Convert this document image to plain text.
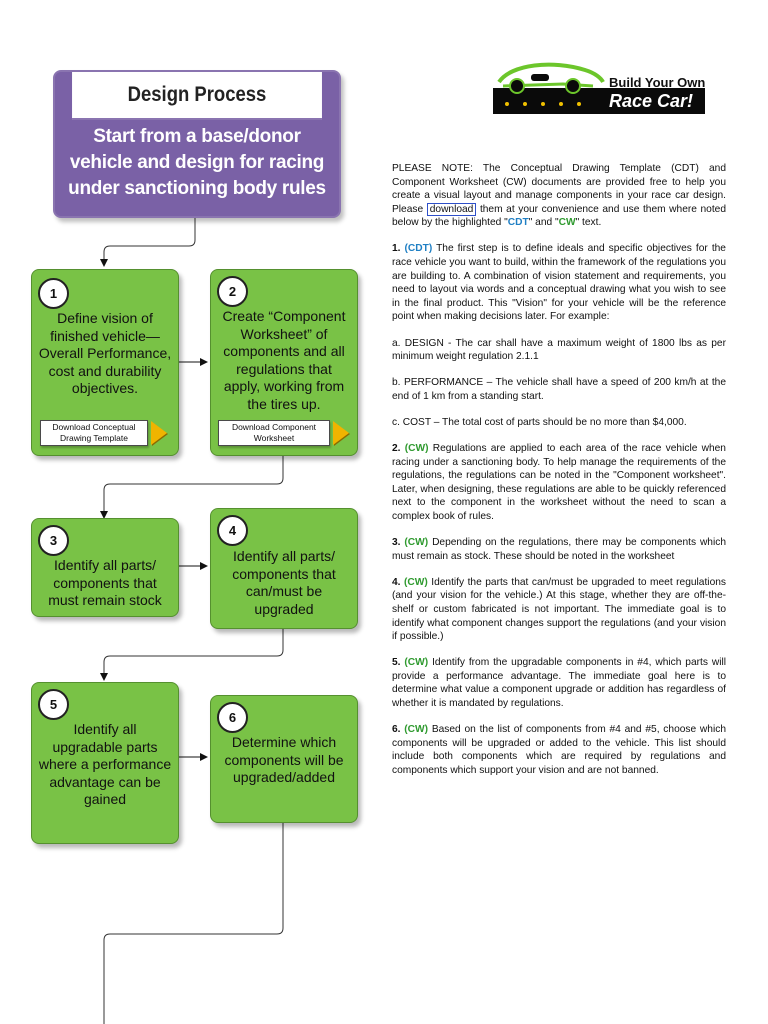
Design Process
Start from a base/donor vehicle and design for racing under sanctioning body rules
1
Define vision of finished vehicle—Overall Performance, cost and durability objectives.
Download Conceptual Drawing Template
2
Create “Component Worksheet” of components and all regulations that apply, working from the tires up.
Download Component Worksheet
3
Identify all parts/ components that must remain stock
4
Identify all parts/ components that can/must be upgraded
5
Identify all upgradable parts where a performance advantage can be gained
6
Determine which components will be upgraded/added
Build Your Own
Race Car!

PLEASE NOTE: The Conceptual Drawing Template (CDT) and Component Worksheet (CW) documents are provided free to help you create a visual layout and manage components in your race car design. Please download them at your convenience and use them where noted below by the highlighted "CDT" and "CW" text.

1. (CDT) The first step is to define ideals and specific objectives for the race vehicle you want to build, within the framework of the regulations you are building to. A combination of vision statement and requirements, you need to layout via words and a conceptual drawing what you wish to see in the final product. This "Vision" for your vehicle will be the reference point when making decisions later. For example:

a. DESIGN - The car shall have a maximum weight of 1800 lbs as per minimum weight regulation 2.1.1

b. PERFORMANCE – The vehicle shall have a speed of 200 km/h at the end of 1 km from a standing start.

c. COST – The total cost of parts should be no more than $4,000.

2. (CW) Regulations are applied to each area of the race vehicle when racing under a sanctioning body. To help manage the requirements of the regulations, the regulations can be noted in the "Component worksheet". Later, when designing, these regulations are able to be quickly referenced next to the component in the worksheet without the need to scan a complex book of rules.

3. (CW) Depending on the regulations, there may be components which must remain as stock. These should be noted in the worksheet

4. (CW) Identify the parts that can/must be upgraded to meet regulations (and your vision for the vehicle.) At this stage, whether they are off-the-shelf or custom fabricated is not important. The immediate goal is to identify what component changes support the regulations (and your vision if possible.)

5. (CW) Identify from the upgradable components in #4, which parts will provide a performance advantage. The immediate goal here is to determine what value a component upgrade or addition has regardless of whether it is mandated by regulations.

6. (CW) Based on the list of components from #4 and #5, choose which components will be upgraded or added to the vehicle. This list should include both components which are required by regulations and components which support your vision and are not banned.
